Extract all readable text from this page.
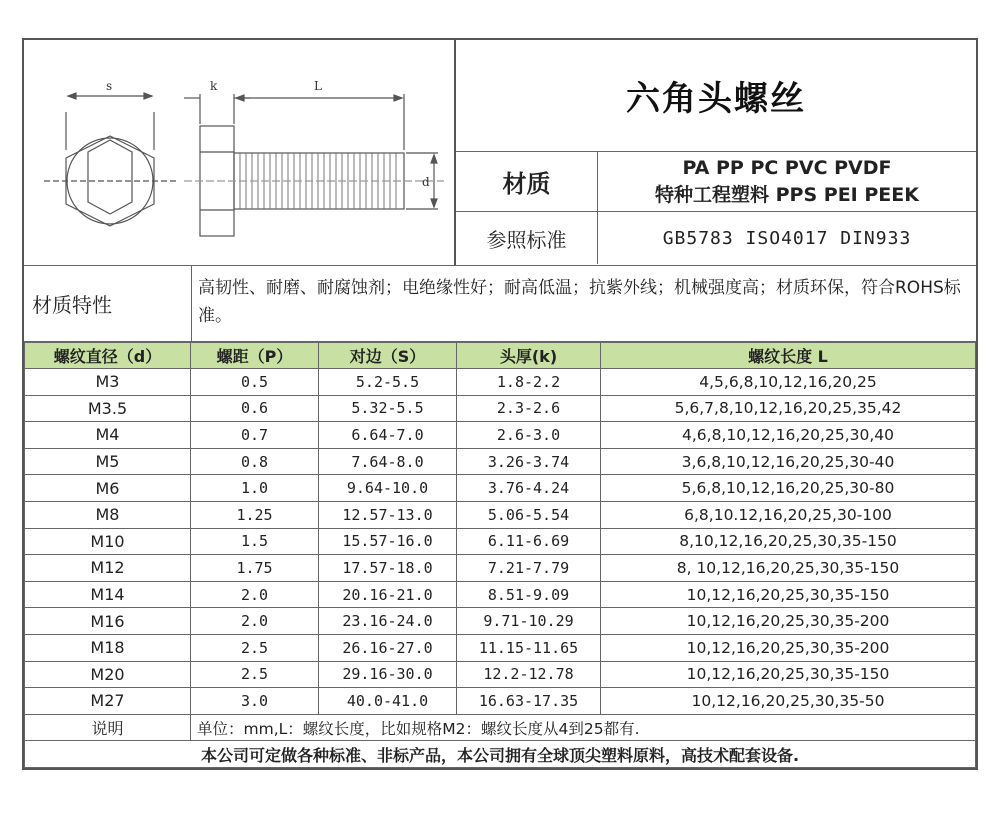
s	k	L
d
六角头螺丝
材质
PA PP PC PVC PVDF
特种工程塑料 PPS PEI PEEK
参照标准	GB5783 ISO4017 DIN933
材质特性
高韧性、耐磨、耐腐蚀剂；电绝缘性好；耐高低温；抗紫外线；机械强度高；材质环保，符合ROHS标准。
螺纹直径（d）	螺距（P）	对边（S）	头厚(k)	螺纹长度 L
M3	0.5	5.2-5.5	1.8-2.2	4,5,6,8,10,12,16,20,25
M3.5	0.6	5.32-5.5	2.3-2.6	5,6,7,8,10,12,16,20,25,35,42
M4	0.7	6.64-7.0	2.6-3.0	4,6,8,10,12,16,20,25,30,40
M5	0.8	7.64-8.0	3.26-3.74	3,6,8,10,12,16,20,25,30-40
M6	1.0	9.64-10.0	3.76-4.24	5,6,8,10,12,16,20,25,30-80
M8	1.25	12.57-13.0	5.06-5.54	6,8,10.12,16,20,25,30-100
M10	1.5	15.57-16.0	6.11-6.69	8,10,12,16,20,25,30,35-150
M12	1.75	17.57-18.0	7.21-7.79	8, 10,12,16,20,25,30,35-150
M14	2.0	20.16-21.0	8.51-9.09	10,12,16,20,25,30,35-150
M16	2.0	23.16-24.0	9.71-10.29	10,12,16,20,25,30,35-200
M18	2.5	26.16-27.0	11.15-11.65	10,12,16,20,25,30,35-200
M20	2.5	29.16-30.0	12.2-12.78	10,12,16,20,25,30,35-150
M27	3.0	40.0-41.0	16.63-17.35	10,12,16,20,25,30,35-50
说明	单位：mm,L：螺纹长度，比如规格M2：螺纹长度从4到25都有.			
本公司可定做各种标准、非标产品，本公司拥有全球顶尖塑料原料，高技术配套设备.				
